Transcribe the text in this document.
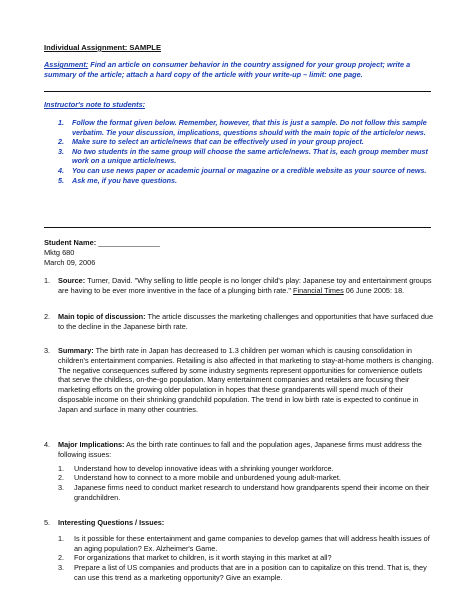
Individual Assignment: SAMPLE
Assignment: Find an article on consumer behavior in the country assigned for your group project; write a summary of the article; attach a hard copy of the article with your write-up – limit: one page.
Instructor's note to students:
1. Follow the format given below. Remember, however, that this is just a sample. Do not follow this sample verbatim. Tie your discussion, implications, questions should with the main topic of the article/or news.
2. Make sure to select an article/news that can be effectively used in your group project.
3. No two students in the same group will choose the same article/news. That is, each group member must work on a unique article/news.
4. You can use news paper or academic journal or magazine or a credible website as your source of news.
5. Ask me, if you have questions.
Student Name: _______________
Mktg 680
March 09, 2006
1. Source: Turner, David. "Why selling to little people is no longer child's play: Japanese toy and entertainment groups are having to be ever more inventive in the face of a plunging birth rate." Financial Times 06 June 2005: 18.
2. Main topic of discussion: The article discusses the marketing challenges and opportunities that have surfaced due to the decline in the Japanese birth rate.
3. Summary: The birth rate in Japan has decreased to 1.3 children per woman which is causing consolidation in children's entertainment companies. Retailing is also affected in that marketing to stay-at-home mothers is changing. The negative consequences suffered by some industry segments represent opportunities for convenience outlets that serve the childless, on-the-go population. Many entertainment companies and retailers are focusing their marketing efforts on the growing older population in hopes that these grandparents will spend much of their disposable income on their shrinking grandchild population. The trend in low birth rate is expected to continue in Japan and surface in many other countries.
4. Major Implications: As the birth rate continues to fall and the population ages, Japanese firms must address the following issues:
1. Understand how to develop innovative ideas with a shrinking younger workforce.
2. Understand how to connect to a more mobile and unburdened young adult-market.
3. Japanese firms need to conduct market research to understand how grandparents spend their income on their grandchildren.
5. Interesting Questions / Issues:
1. Is it possible for these entertainment and game companies to develop games that will address health issues of an aging population? Ex. Alzheimer's Game.
2. For organizations that market to children, is it worth staying in this market at all?
3. Prepare a list of US companies and products that are in a position can to capitalize on this trend. That is, they can use this trend as a marketing opportunity? Give an example.
